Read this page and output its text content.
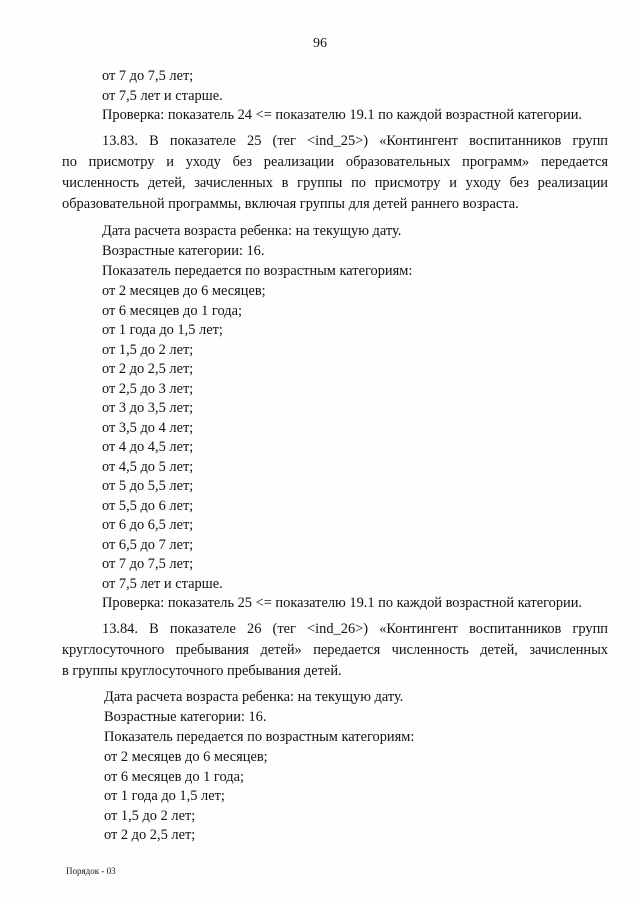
96
от 7 до 7,5 лет;
от 7,5 лет и старше.
Проверка: показатель 24 <= показателю 19.1 по каждой возрастной категории.
13.83. В показателе 25 (тег <ind_25>) «Контингент воспитанников групп
по присмотру и уходу без реализации образовательных программ» передается
численность детей, зачисленных в группы по присмотру и уходу без реализации
образовательной программы, включая группы для детей раннего возраста.
Дата расчета возраста ребенка: на текущую дату.
Возрастные категории: 16.
Показатель передается по возрастным категориям:
от 2 месяцев до 6 месяцев;
от 6 месяцев до 1 года;
от 1 года до 1,5 лет;
от 1,5 до 2 лет;
от 2 до 2,5 лет;
от 2,5 до 3 лет;
от 3 до 3,5 лет;
от 3,5 до 4 лет;
от 4 до 4,5 лет;
от 4,5 до 5 лет;
от 5 до 5,5 лет;
от 5,5 до 6 лет;
от 6 до 6,5 лет;
от 6,5 до 7 лет;
от 7 до 7,5 лет;
от 7,5 лет и старше.
Проверка: показатель 25 <= показателю 19.1 по каждой возрастной категории.
13.84. В показателе 26 (тег <ind_26>) «Контингент воспитанников групп
круглосуточного пребывания детей» передается численность детей, зачисленных
в группы круглосуточного пребывания детей.
Дата расчета возраста ребенка: на текущую дату.
Возрастные категории: 16.
Показатель передается по возрастным категориям:
от 2 месяцев до 6 месяцев;
от 6 месяцев до 1 года;
от 1 года до 1,5 лет;
от 1,5 до 2 лет;
от 2 до 2,5 лет;
Порядок - 03
